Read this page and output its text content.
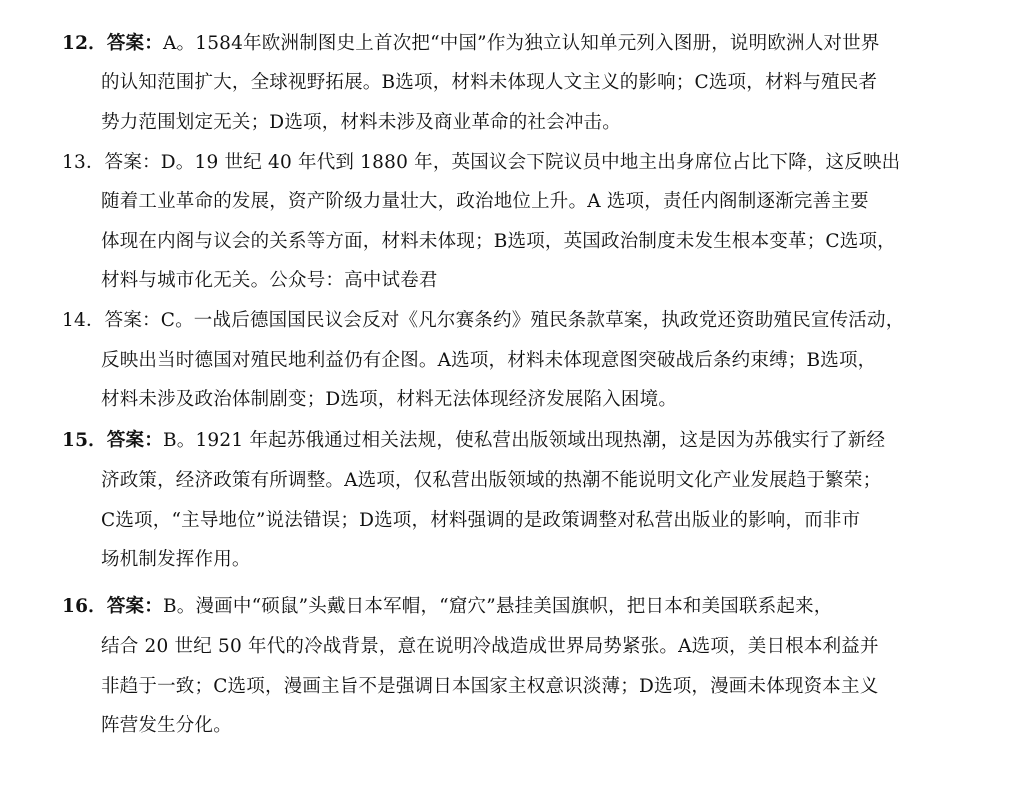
12．答案：A。1584年欧洲制图史上首次把“中国”作为独立认知单元列入图册，说明欧洲人对世界
的认知范围扩大，全球视野拓展。B选项，材料未体现人文主义的影响；C选项，材料与殖民者
势力范围划定无关；D选项，材料未涉及商业革命的社会冲击。
13．答案：D。19 世纪 40 年代到 1880 年，英国议会下院议员中地主出身席位占比下降，这反映出
随着工业革命的发展，资产阶级力量壮大，政治地位上升。A 选项，责任内阁制逐渐完善主要
体现在内阁与议会的关系等方面，材料未体现；B选项，英国政治制度未发生根本变革；C选项，
材料与城市化无关。公众号：高中试卷君
14．答案：C。一战后德国国民议会反对《凡尔赛条约》殖民条款草案，执政党还资助殖民宣传活动，
反映出当时德国对殖民地利益仍有企图。A选项，材料未体现意图突破战后条约束缚；B选项，
材料未涉及政治体制剧变；D选项，材料无法体现经济发展陷入困境。
15．答案：B。1921 年起苏俄通过相关法规，使私营出版领域出现热潮，这是因为苏俄实行了新经
济政策，经济政策有所调整。A选项，仅私营出版领域的热潮不能说明文化产业发展趋于繁荣；
C选项，“主导地位”说法错误；D选项，材料强调的是政策调整对私营出版业的影响，而非市
场机制发挥作用。
16．答案：B。漫画中“硕鼠”头戴日本军帽，“窟穴”悬挂美国旗帜，把日本和美国联系起来，
结合 20 世纪 50 年代的冷战背景，意在说明冷战造成世界局势紧张。A选项，美日根本利益并
非趋于一致；C选项，漫画主旨不是强调日本国家主权意识淡薄；D选项，漫画未体现资本主义
阵营发生分化。
